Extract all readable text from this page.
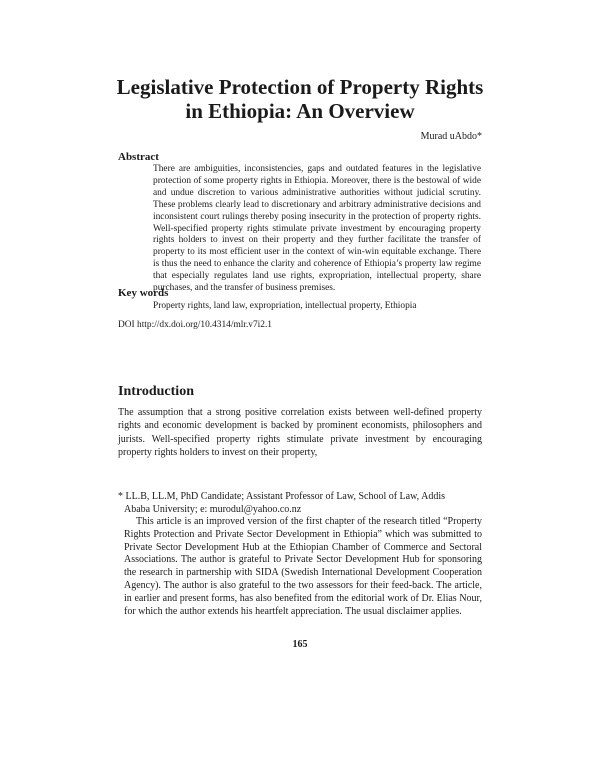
Legislative Protection of Property Rights
in Ethiopia: An Overview
Murad uAbdo*
Abstract

There are ambiguities, inconsistencies, gaps and outdated features in the legislative protection of some property rights in Ethiopia. Moreover, there is the bestowal of wide and undue discretion to various administrative authorities without judicial scrutiny. These problems clearly lead to discretionary and arbitrary administrative decisions and inconsistent court rulings thereby posing insecurity in the protection of property rights. Well-specified property rights stimulate private investment by encouraging property rights holders to invest on their property and they further facilitate the transfer of property to its most efficient user in the context of win-win equitable exchange. There is thus the need to enhance the clarity and coherence of Ethiopia’s property law regime that especially regulates land use rights, expropriation, intellectual property, share purchases, and the transfer of business premises.

Key words

Property rights, land law, expropriation, intellectual property, Ethiopia

DOI http://dx.doi.org/10.4314/mlr.v7i2.1

Introduction

The assumption that a strong positive correlation exists between well-defined property rights and economic development is backed by prominent economists, philosophers and jurists. Well-specified property rights stimulate private investment by encouraging property rights holders to invest on their property,

* LL.B, LL.M, PhD Candidate; Assistant Professor of Law, School of Law, Addis
Ababa University; e: murodul@yahoo.co.nz

This article is an improved version of the first chapter of the research titled “Property Rights Protection and Private Sector Development in Ethiopia” which was submitted to Private Sector Development Hub at the Ethiopian Chamber of Commerce and Sectoral Associations. The author is grateful to Private Sector Development Hub for sponsoring the research in partnership with SIDA (Swedish International Development Cooperation Agency). The author is also grateful to the two assessors for their feed-back. The article, in earlier and present forms, has also benefited from the editorial work of Dr. Elias Nour, for which the author extends his heartfelt appreciation. The usual disclaimer applies.

165
